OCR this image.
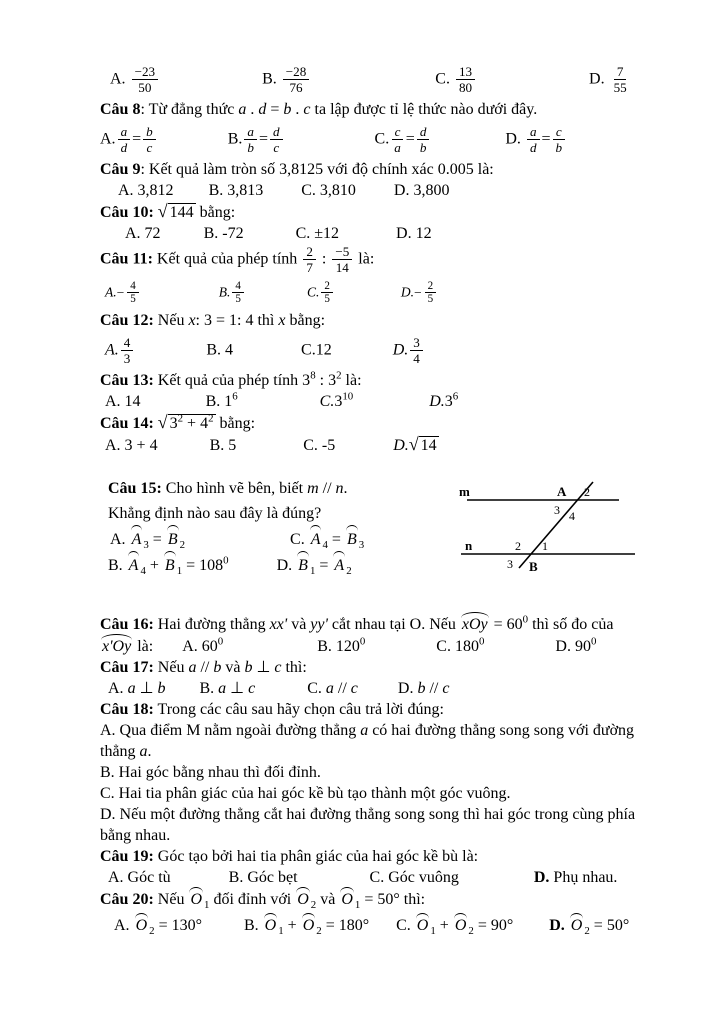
A. $\frac{-23}{50}$	B. $\frac{-28}{76}$	C. $\frac{13}{80}$	D. $\frac{7}{55}$
Câu 8: Từ đẳng thức a . d = b . c ta lập được tỉ lệ thức nào dưới đây.
A. $\frac{a}{d} = \frac{b}{c}$	B. $\frac{a}{b} = \frac{d}{c}$	C. $\frac{c}{a} = \frac{d}{b}$	D. $\frac{a}{d} = \frac{c}{b}$
Câu 9: Kết quả làm tròn số 3,8125 với độ chính xác 0.005 là:
A. 3,812 B. 3,813 C. 3,810 D. 3,800
Câu 10: √ 144 bằng:
A. 72	B. -72	C. ±12	D. 12
Câu 11: Kết quả của phép tính $\frac{2}{7}$ : $\frac{-5}{14}$ là:
$A.- \frac{4}{5}$	B. $\frac{4}{5}$	C. $\frac{2}{5}$	$D.- \frac{2}{5}$
Câu 12: Nếu x: 3 = 1: 4 thì x bằng:
A. $\frac{4}{3}$	B. 4	C.12	D. $\frac{3}{4}$
Câu 13: Kết quả của phép tính $3^8$ : $3^2$ là:
A. 14	B. $1^6$	$C.3^{10}$	$D.3^6$
Câu 14: √ $3^2 + 4^2$ bằng:
A. 3 + 4	B. 5	C. -5	D.√ 14
Câu 15: Cho hình vẽ bên, biết m // n.
Khẳng định nào sau đây là đúng?
A. A $_3$ = B $_2$	C. A $_4$ = B $_3$
B. A $_4$ + B $_1 = 108^0$	D. B $_1$ = A $_2$
m
n
A 2
3 4
2 1
3 B
Câu 16: Hai đường thẳng xx' và yy' cắt nhau tại O. Nếu xOy = $60^0$ thì số đo của
x'Oy là: A. $60^0$	B. $120^0$	C. $180^0$	D. $90^0$
Câu 17: Nếu a // b và b ⊥ c thì:
A. a ⊥ b B. a ⊥ c	C. a // c	D. b // c
Câu 18: Trong các câu sau hãy chọn câu trả lời đúng:
A. Qua điểm M nằm ngoài đường thẳng a có hai đường thẳng song song với đường thẳng a.
B. Hai góc bằng nhau thì đối đỉnh.
C. Hai tia phân giác của hai góc kề bù tạo thành một góc vuông.
D. Nếu một đường thẳng cắt hai đường thẳng song song thì hai góc trong cùng phía bằng nhau.
Câu 19: Góc tạo bởi hai tia phân giác của hai góc kề bù là:
A. Góc tù	B. Góc bẹt	C. Góc vuông	D. Phụ nhau.
Câu 20: Nếu O $_1$ đối đỉnh với O $_2$ và O $_1$ = 50° thì:
A. O $_2$ = 130°	B. O $_1$ + O $_2$ = 180° C. O $_1$ + O $_2$ = 90° D. O $_2$ = 50°
